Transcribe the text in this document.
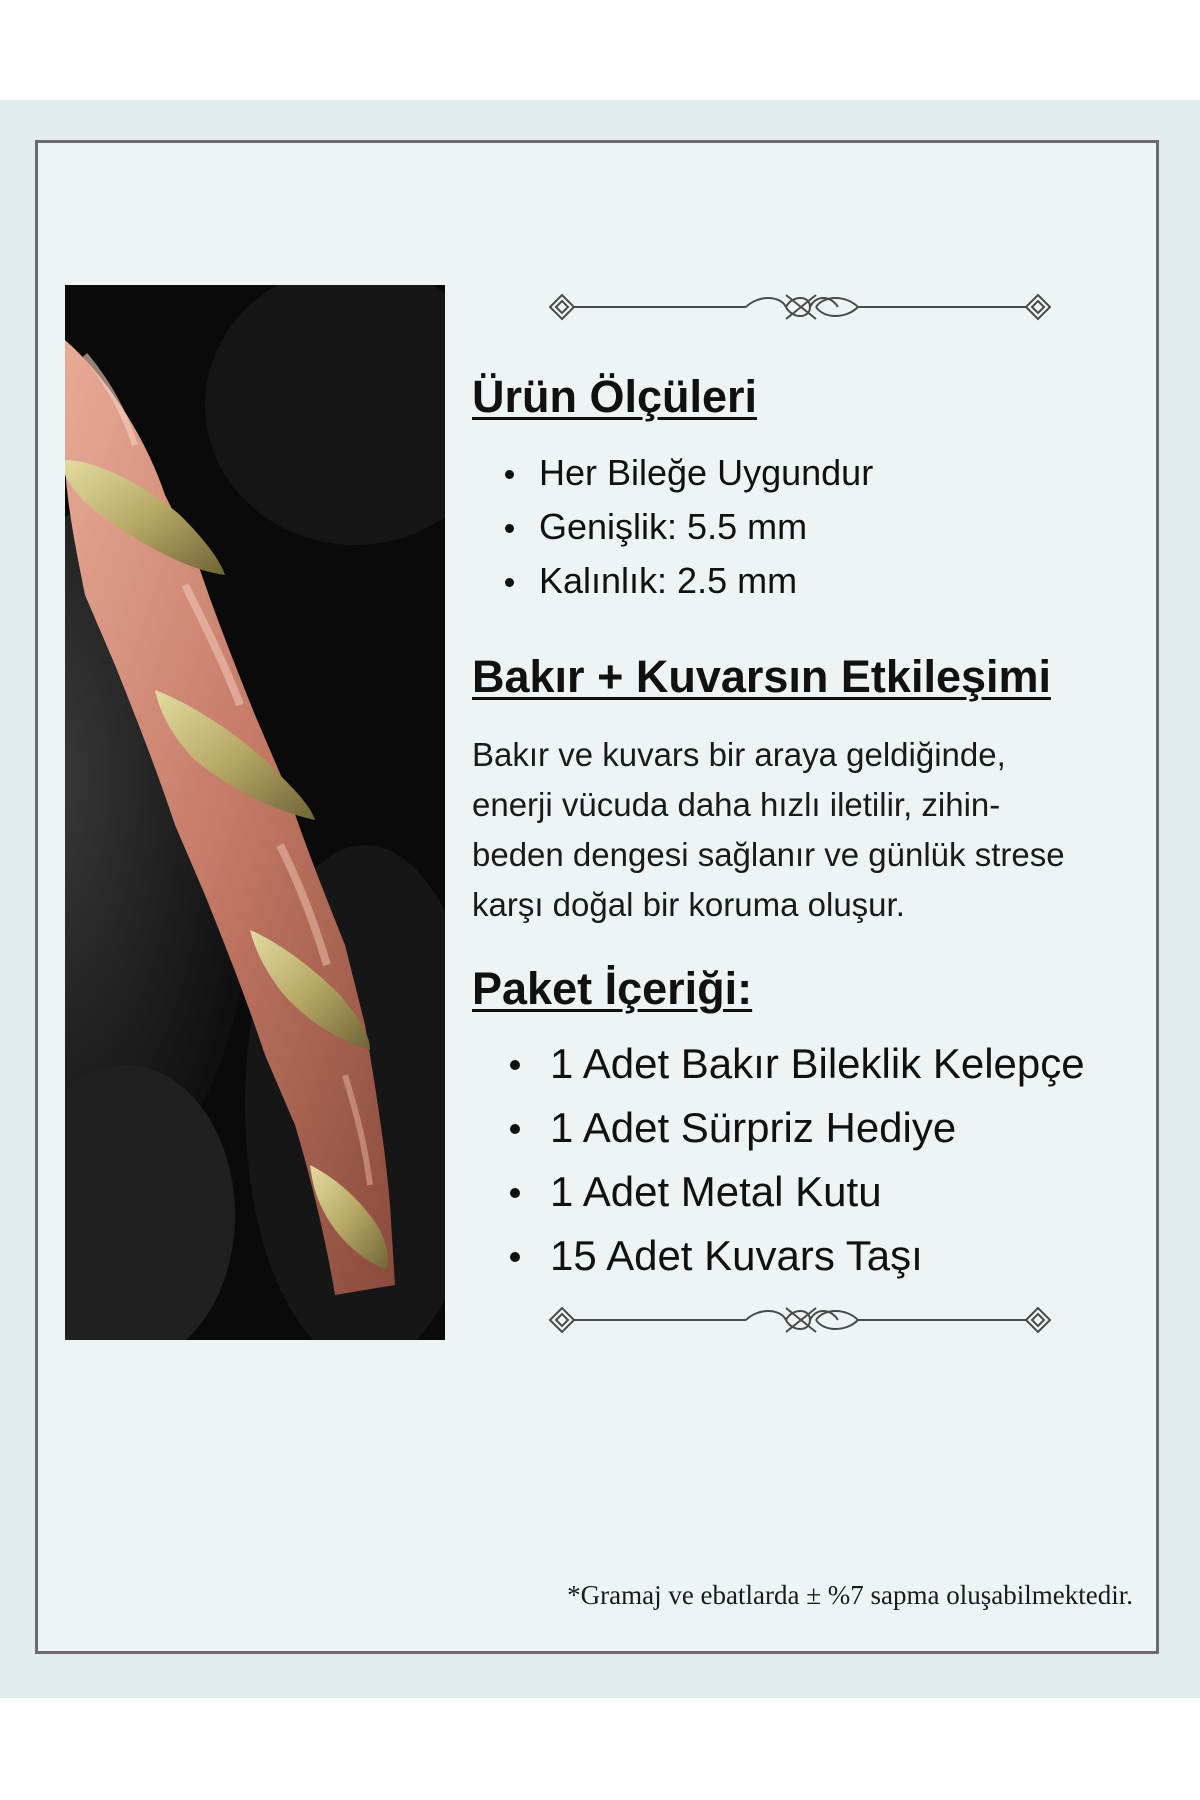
Ürün Ölçüleri
Her Bileğe Uygundur
Genişlik: 5.5 mm
Kalınlık: 2.5 mm
Bakır + Kuvarsın Etkileşimi
Bakır ve kuvars bir araya geldiğinde,
enerji vücuda daha hızlı iletilir, zihin-
beden dengesi sağlanır ve günlük strese
karşı doğal bir koruma oluşur.
Paket İçeriği:
1 Adet Bakır Bileklik Kelepçe
1 Adet Sürpriz Hediye
1 Adet Metal Kutu
15 Adet Kuvars Taşı
*Gramaj ve ebatlarda ± %7 sapma oluşabilmektedir.
